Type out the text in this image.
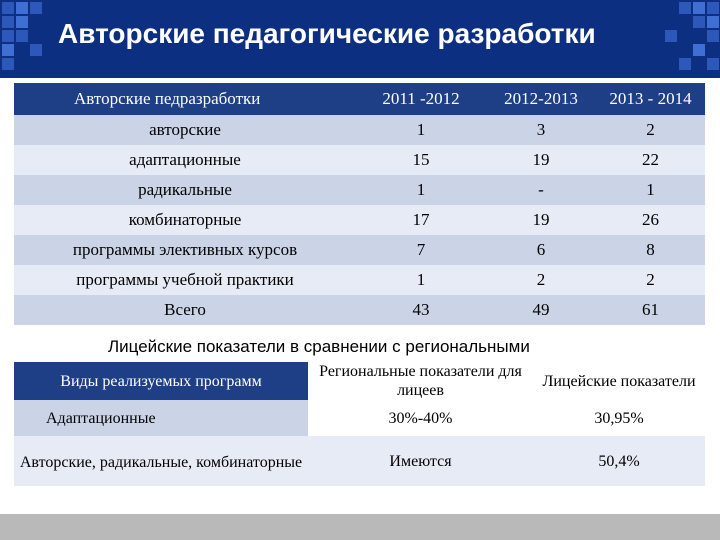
Авторские педагогические разработки
Авторские педразработки	2011 -2012	2012-2013	2013 - 2014
авторские	1	3	2
адаптационные	15	19	22
радикальные	1	-	1
комбинаторные	17	19	26
программы элективных курсов	7	6	8
программы учебной практики	1	2	2
Всего	43	49	61
Лицейские показатели в сравнении с региональными
Виды реализуемых программ	Региональные показатели для лицеев	Лицейские показатели
Адаптационные	30%-40%	30,95%
Авторские, радикальные, комбинаторные	Имеются	50,4%
